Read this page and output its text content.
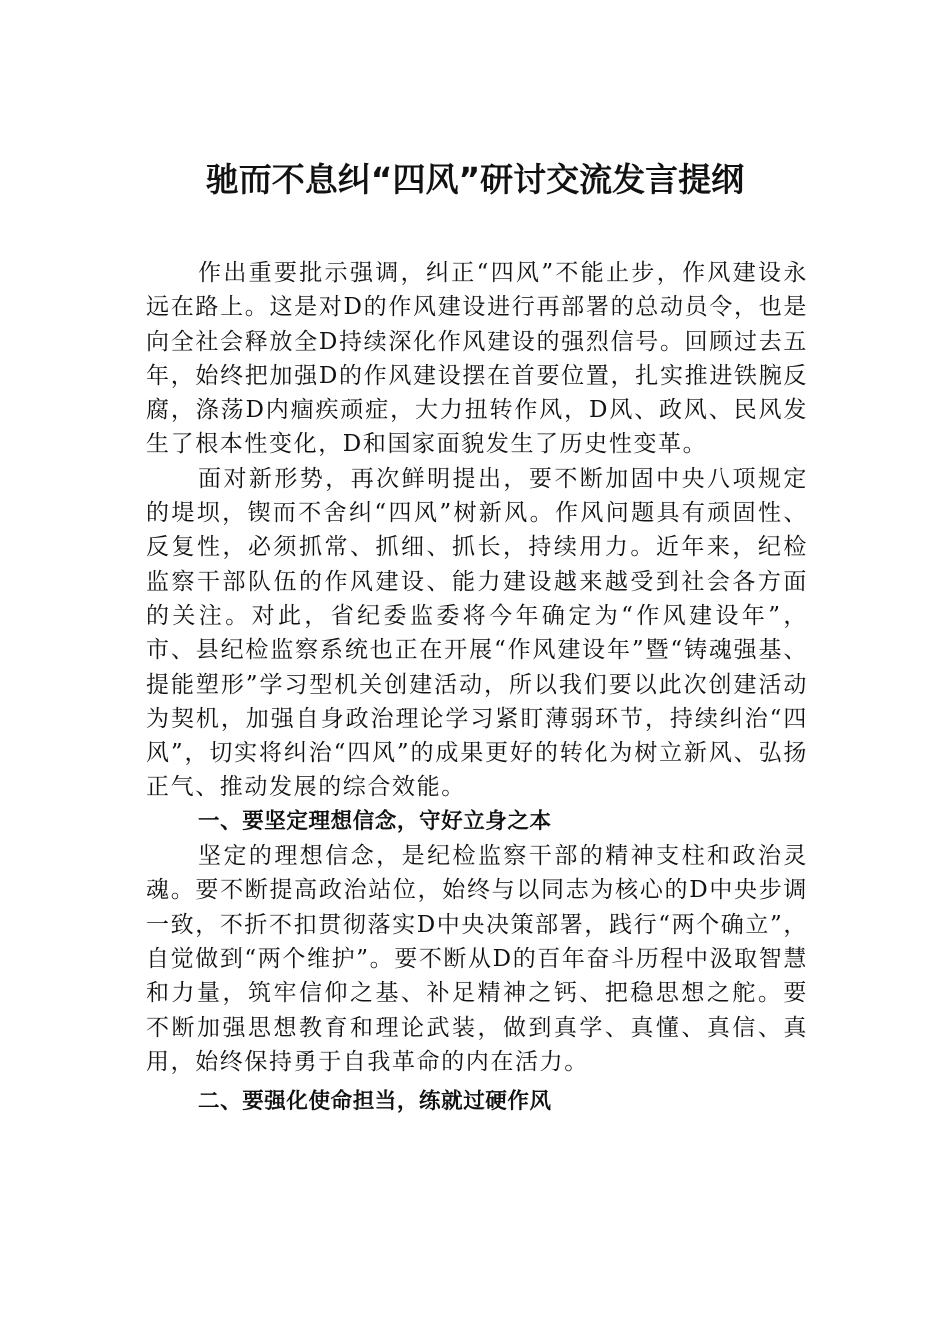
驰而不息纠“四风”研讨交流发言提纲

作出重要批示强调，纠正“四风”不能止步，作风建设永远在路上。这是对D的作风建设进行再部署的总动员令，也是向全社会释放全D持续深化作风建设的强烈信号。回顾过去五年，始终把加强D的作风建设摆在首要位置，扎实推进铁腕反腐，涤荡D内痼疾顽症，大力扭转作风，D风、政风、民风发生了根本性变化，D和国家面貌发生了历史性变革。

面对新形势，再次鲜明提出，要不断加固中央八项规定的堤坝，锲而不舍纠“四风”树新风。作风问题具有顽固性、反复性，必须抓常、抓细、抓长，持续用力。近年来，纪检监察干部队伍的作风建设、能力建设越来越受到社会各方面的关注。对此，省纪委监委将今年确定为“作风建设年”，市、县纪检监察系统也正在开展“作风建设年”暨“铸魂强基、提能塑形”学习型机关创建活动，所以我们要以此次创建活动为契机，加强自身政治理论学习紧盯薄弱环节，持续纠治“四风”，切实将纠治“四风”的成果更好的转化为树立新风、弘扬正气、推动发展的综合效能。

一、要坚定理想信念，守好立身之本

坚定的理想信念，是纪检监察干部的精神支柱和政治灵魂。要不断提高政治站位，始终与以同志为核心的D中央步调一致，不折不扣贯彻落实D中央决策部署，践行“两个确立”，自觉做到“两个维护”。要不断从D的百年奋斗历程中汲取智慧和力量，筑牢信仰之基、补足精神之钙、把稳思想之舵。要不断加强思想教育和理论武装，做到真学、真懂、真信、真用，始终保持勇于自我革命的内在活力。

二、要强化使命担当，练就过硬作风
